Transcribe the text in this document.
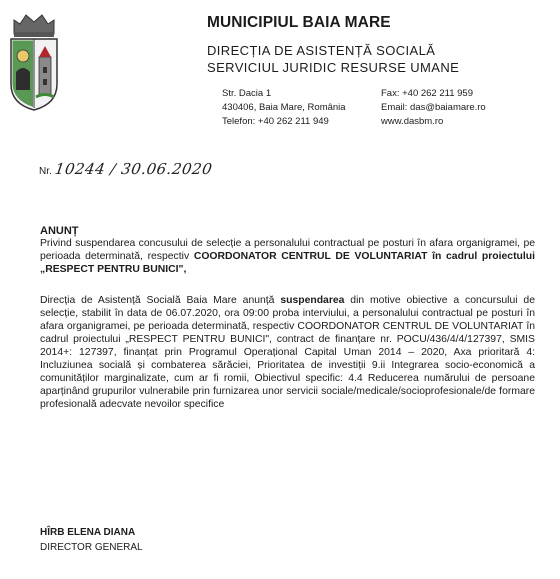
MUNICIPIUL BAIA MARE
DIRECȚIA DE ASISTENȚĂ SOCIALĂ
SERVICIUL JURIDIC RESURSE UMANE
Str. Dacia 1
430406, Baia Mare, România
Telefon: +40 262 211 949
Fax: +40 262 211 959
Email: das@baiamare.ro
www.dasbm.ro
Nr. 10244 / 30.06.2020
ANUNȚ
Privind suspendarea concusului de selecție a personalului contractual pe posturi în afara organigramei, pe perioada determinată, respectiv COORDONATOR CENTRUL DE VOLUNTARIAT în cadrul proiectului „RESPECT PENTRU BUNICI",
Direcția de Asistență Socială Baia Mare anunță suspendarea din motive obiective a concursului de selecție, stabilit în data de 06.07.2020, ora 09:00 proba interviului, a personalului contractual pe posturi în afara organigramei, pe perioada determinată, respectiv COORDONATOR CENTRUL DE VOLUNTARIAT în cadrul proiectului „RESPECT PENTRU BUNICI", contract de finanțare nr. POCU/436/4/4/127397, SMIS 2014+: 127397, finanțat prin Programul Operațional Capital Uman 2014 – 2020, Axa prioritară 4: Incluziunea socială și combaterea sărăciei, Prioritatea de investiții 9.ii Integrarea socio-economică a comunităților marginalizate, cum ar fi romii, Obiectivul specific: 4.4 Reducerea numărului de persoane aparținând grupurilor vulnerabile prin furnizarea unor servicii sociale/medicale/socioprofesionale/de formare profesională adecvate nevoilor specifice
HÎRB ELENA DIANA
DIRECTOR GENERAL
